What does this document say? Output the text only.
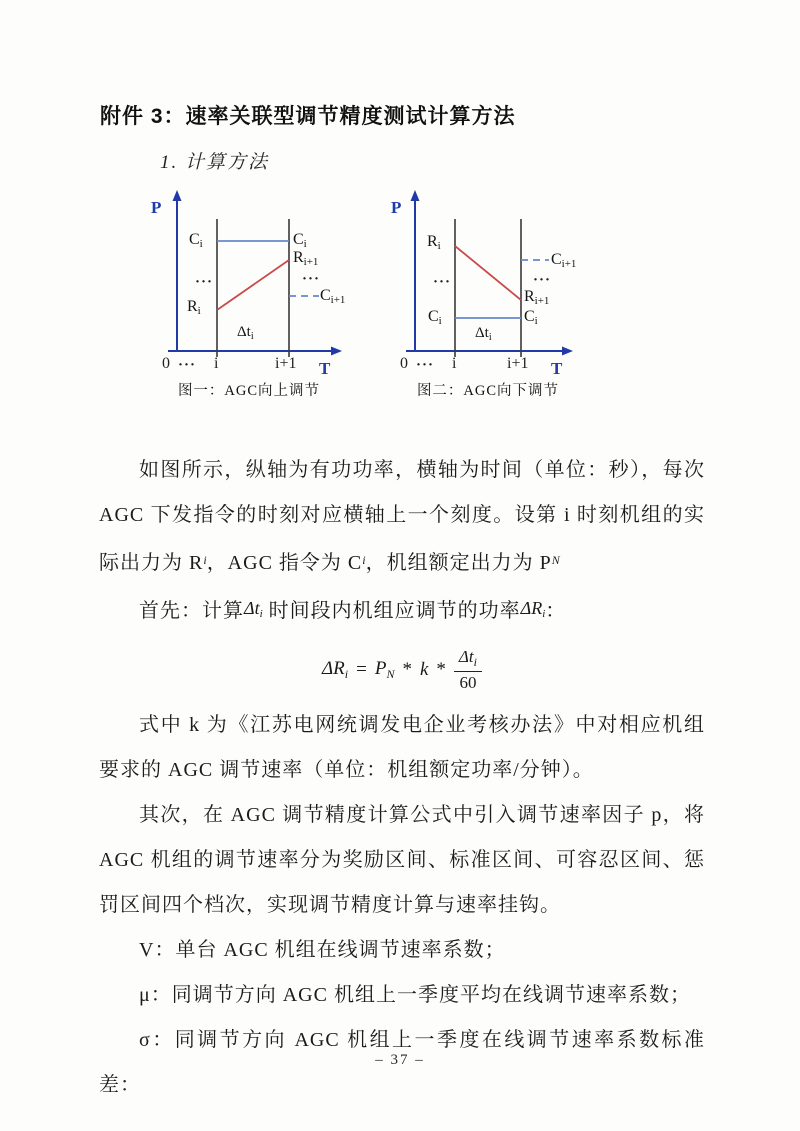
附件 3：速率关联型调节精度测试计算方法
1. 计算方法
P
$C_i$
···
$R_i$
$C_i$
$R_{i+1}$
···
$C_{i+1}$
$\Delta t_i$
0 ··· i	i+1 T
图一：AGC向上调节
P
$R_i$
···
$C_i$
$C_{i+1}$
···
$R_{i+1}$
$C_i$
$\Delta t_i$
0 ··· i	i+1 T
图二：AGC向下调节

如图所示，纵轴为有功功率，横轴为时间（单位：秒），每次 AGC 下发指令的时刻对应横轴上一个刻度。设第 i 时刻机组的实际出力为 $R^i$，AGC 指令为 $C^i$，机组额定出力为 $P^N$

首先：计算$\Delta t_i$ 时间段内机组应调节的功率$\Delta R_i$：

$\Delta R_i = P_N * k * \frac{\Delta t_i}{60}$

式中 k 为《江苏电网统调发电企业考核办法》中对相应机组要求的 AGC 调节速率（单位：机组额定功率/分钟）。

其次，在 AGC 调节精度计算公式中引入调节速率因子 p，将 AGC 机组的调节速率分为奖励区间、标准区间、可容忍区间、惩罚区间四个档次，实现调节精度计算与速率挂钩。

V：单台 AGC 机组在线调节速率系数；

μ：同调节方向 AGC 机组上一季度平均在线调节速率系数；

σ：同调节方向 AGC 机组上一季度在线调节速率系数标准差：

– 37 –
